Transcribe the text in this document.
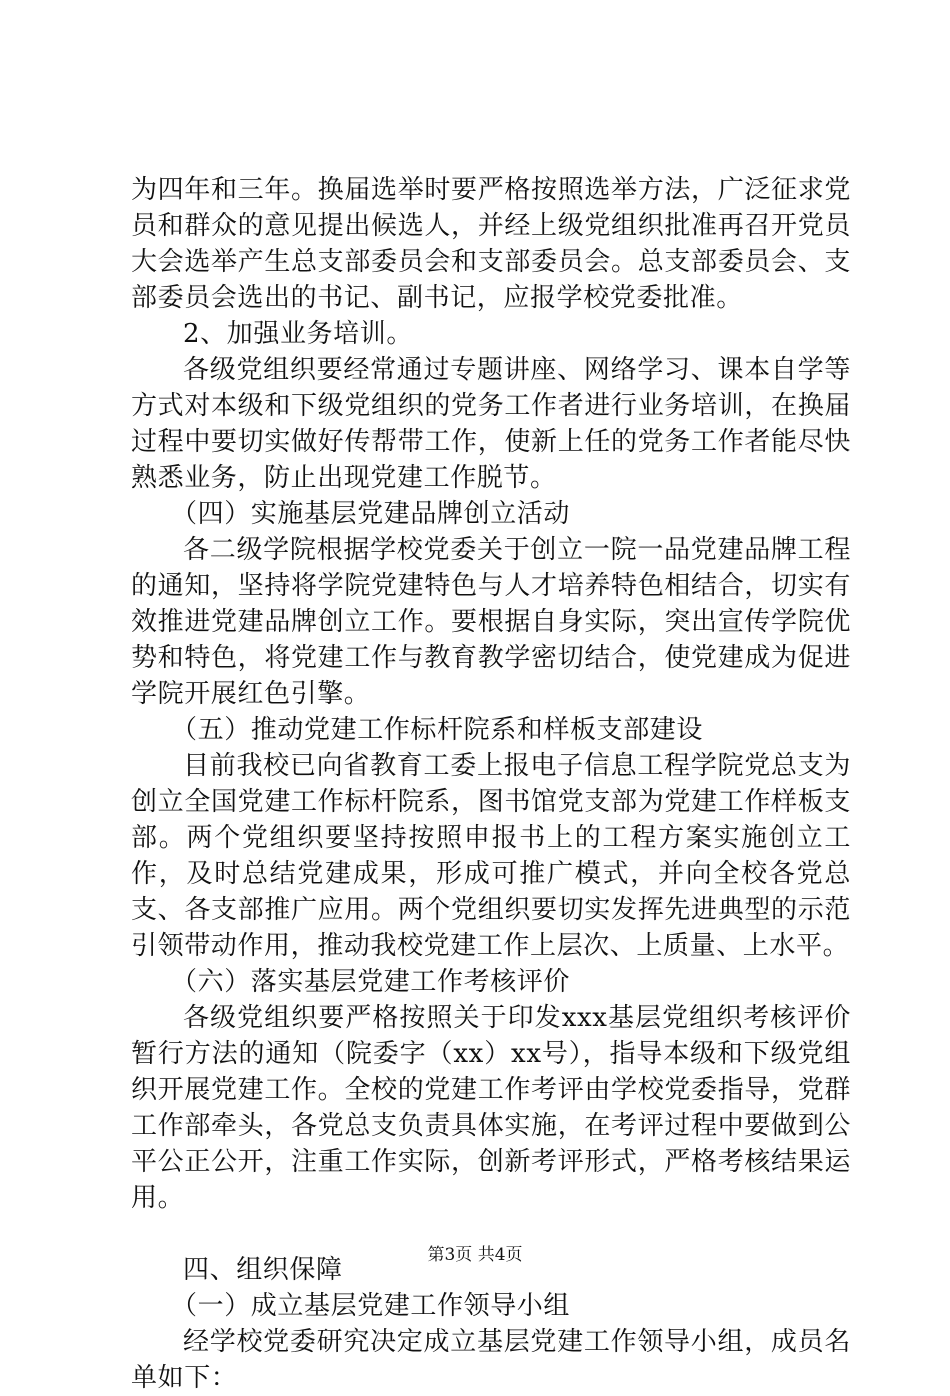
为四年和三年。换届选举时要严格按照选举方法，广泛征求党员和群众的意见提出候选人，并经上级党组织批准再召开党员大会选举产生总支部委员会和支部委员会。总支部委员会、支部委员会选出的书记、副书记，应报学校党委批准。

2、加强业务培训。

各级党组织要经常通过专题讲座、网络学习、课本自学等方式对本级和下级党组织的党务工作者进行业务培训，在换届过程中要切实做好传帮带工作，使新上任的党务工作者能尽快熟悉业务，防止出现党建工作脱节。

（四）实施基层党建品牌创立活动

各二级学院根据学校党委关于创立一院一品党建品牌工程的通知，坚持将学院党建特色与人才培养特色相结合，切实有效推进党建品牌创立工作。要根据自身实际，突出宣传学院优势和特色，将党建工作与教育教学密切结合，使党建成为促进学院开展红色引擎。

（五）推动党建工作标杆院系和样板支部建设

目前我校已向省教育工委上报电子信息工程学院党总支为创立全国党建工作标杆院系，图书馆党支部为党建工作样板支部。两个党组织要坚持按照申报书上的工程方案实施创立工作，及时总结党建成果，形成可推广模式，并向全校各党总支、各支部推广应用。两个党组织要切实发挥先进典型的示范引领带动作用，推动我校党建工作上层次、上质量、上水平。

（六）落实基层党建工作考核评价

各级党组织要严格按照关于印发xxx基层党组织考核评价暂行方法的通知（院委字（xx）xx号），指导本级和下级党组织开展党建工作。全校的党建工作考评由学校党委指导，党群工作部牵头，各党总支负责具体实施，在考评过程中要做到公平公正公开，注重工作实际，创新考评形式，严格考核结果运用。

四、组织保障

（一）成立基层党建工作领导小组

经学校党委研究决定成立基层党建工作领导小组，成员名单如下：

第3页 共4页
